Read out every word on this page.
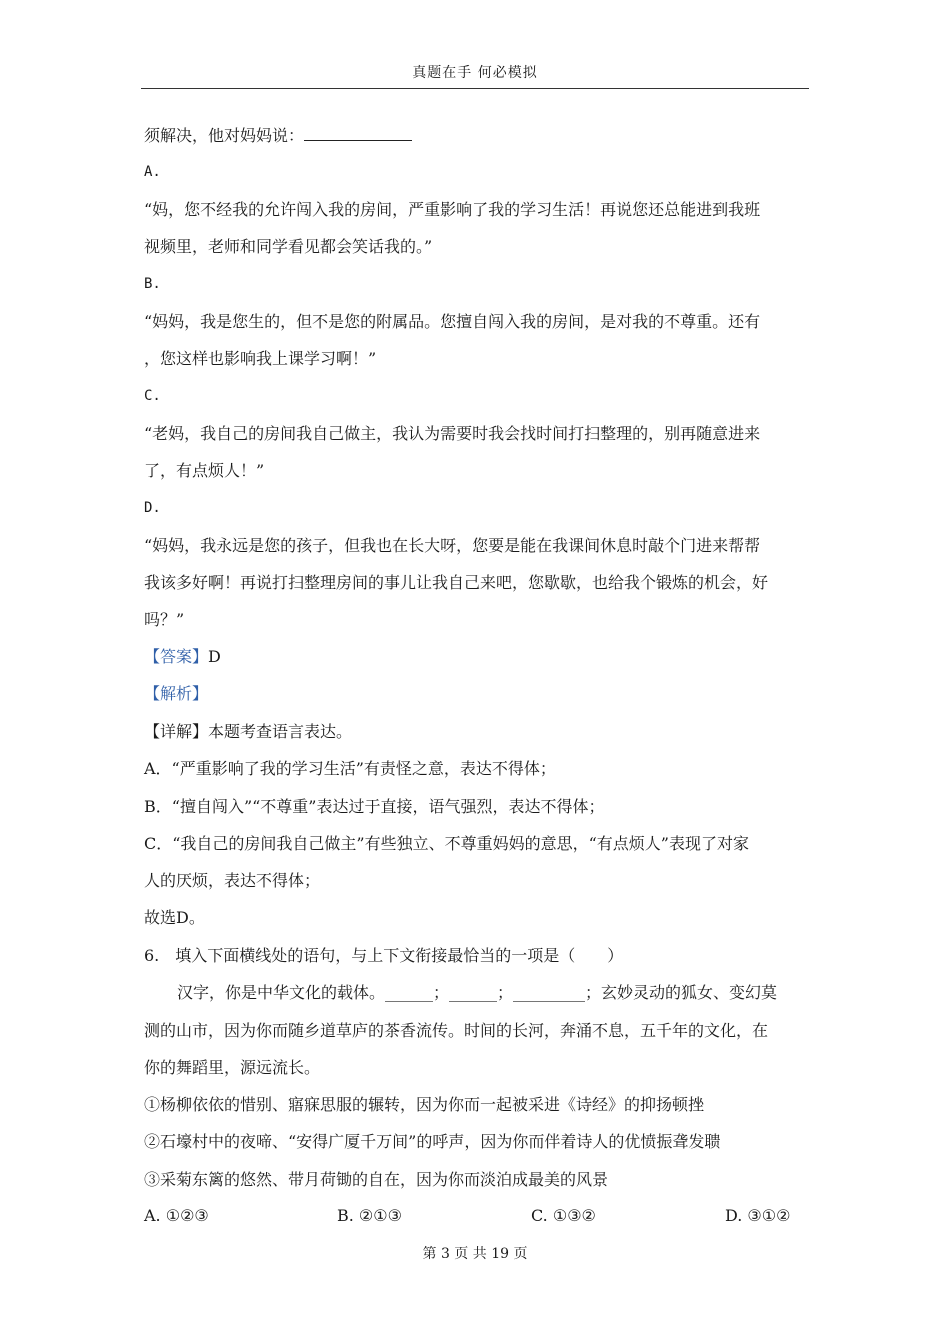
真题在手 何必模拟
须解决，他对妈妈说：
A.
“妈，您不经我的允许闯入我的房间，严重影响了我的学习生活！再说您还总能进到我班
视频里，老师和同学看见都会笑话我的。”
B.
“妈妈，我是您生的，但不是您的附属品。您擅自闯入我的房间，是对我的不尊重。还有
，您这样也影响我上课学习啊！”
C.
“老妈，我自己的房间我自己做主，我认为需要时我会找时间打扫整理的，别再随意进来
了，有点烦人！”
D.
“妈妈，我永远是您的孩子，但我也在长大呀，您要是能在我课间休息时敲个门进来帮帮
我该多好啊！再说打扫整理房间的事儿让我自己来吧，您歇歇，也给我个锻炼的机会，好
吗？”
【答案】D
【解析】
【详解】本题考查语言表达。
A．“严重影响了我的学习生活”有责怪之意，表达不得体；
B．“擅自闯入”“不尊重”表达过于直接，语气强烈，表达不得体；
C．“我自己的房间我自己做主”有些独立、不尊重妈妈的意思，“有点烦人”表现了对家
人的厌烦，表达不得体；
故选D。
6.　填入下面横线处的语句，与上下文衔接最恰当的一项是（　　）
汉字，你是中华文化的载体。______；______；_________；玄妙灵动的狐女、变幻莫
测的山市，因为你而随乡道草庐的茶香流传。时间的长河，奔涌不息，五千年的文化，在
你的舞蹈里，源远流长。
①杨柳依依的惜别、寤寐思服的辗转，因为你而一起被采进《诗经》的抑扬顿挫
②石壕村中的夜啼、“安得广厦千万间”的呼声，因为你而伴着诗人的优愤振聋发聩
③采菊东篱的悠然、带月荷锄的自在，因为你而淡泊成最美的风景
A. ①②③	B. ②①③	C. ①③②	D. ③①②
第 3 页 共 19 页
